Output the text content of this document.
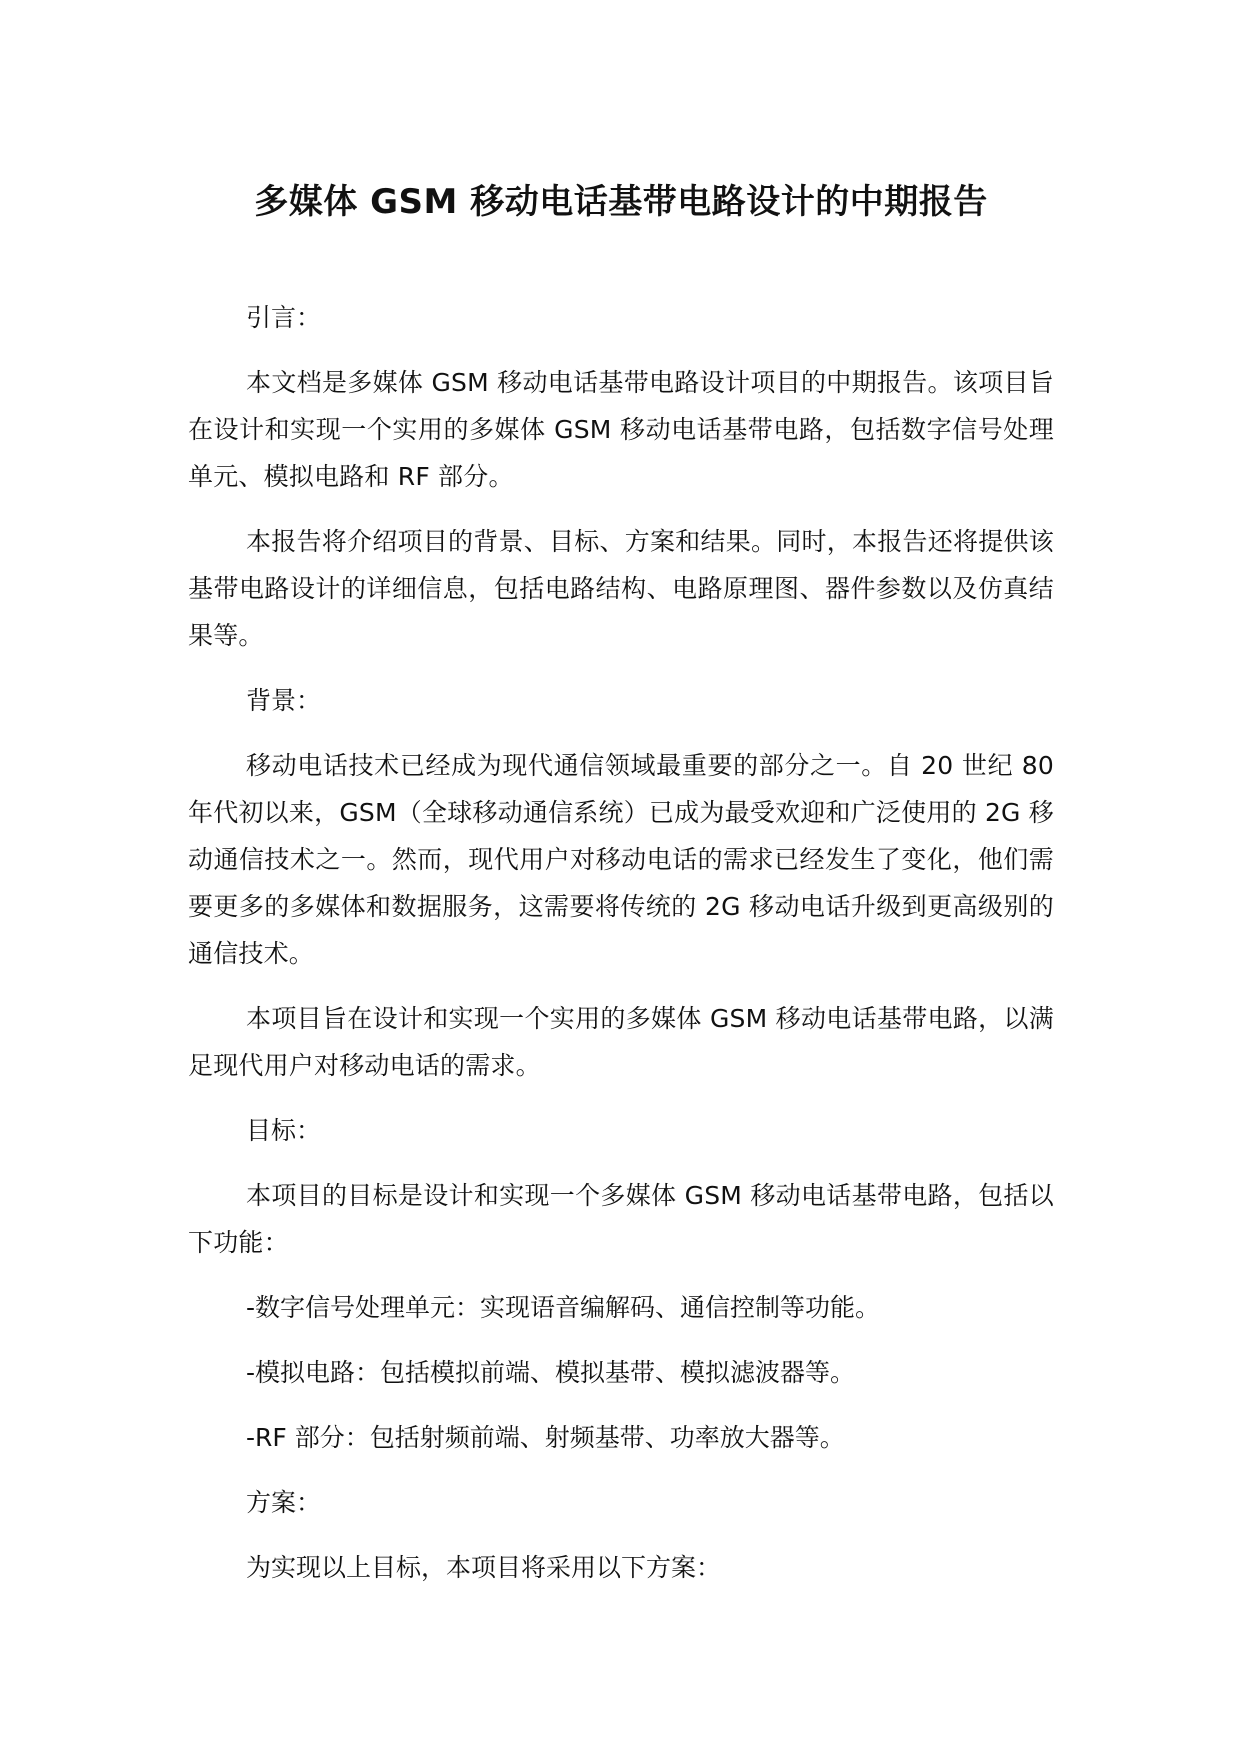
多媒体 GSM 移动电话基带电路设计的中期报告

引言：

本文档是多媒体 GSM 移动电话基带电路设计项目的中期报告。该项目旨在设计和实现一个实用的多媒体 GSM 移动电话基带电路，包括数字信号处理单元、模拟电路和 RF 部分。

本报告将介绍项目的背景、目标、方案和结果。同时，本报告还将提供该基带电路设计的详细信息，包括电路结构、电路原理图、器件参数以及仿真结果等。

背景：

移动电话技术已经成为现代通信领域最重要的部分之一。自 20 世纪 80 年代初以来，GSM（全球移动通信系统）已成为最受欢迎和广泛使用的 2G 移动通信技术之一。然而，现代用户对移动电话的需求已经发生了变化，他们需要更多的多媒体和数据服务，这需要将传统的 2G 移动电话升级到更高级别的通信技术。

本项目旨在设计和实现一个实用的多媒体 GSM 移动电话基带电路，以满足现代用户对移动电话的需求。

目标：

本项目的目标是设计和实现一个多媒体 GSM 移动电话基带电路，包括以下功能：

-数字信号处理单元：实现语音编解码、通信控制等功能。

-模拟电路：包括模拟前端、模拟基带、模拟滤波器等。

-RF 部分：包括射频前端、射频基带、功率放大器等。

方案：

为实现以上目标，本项目将采用以下方案：
